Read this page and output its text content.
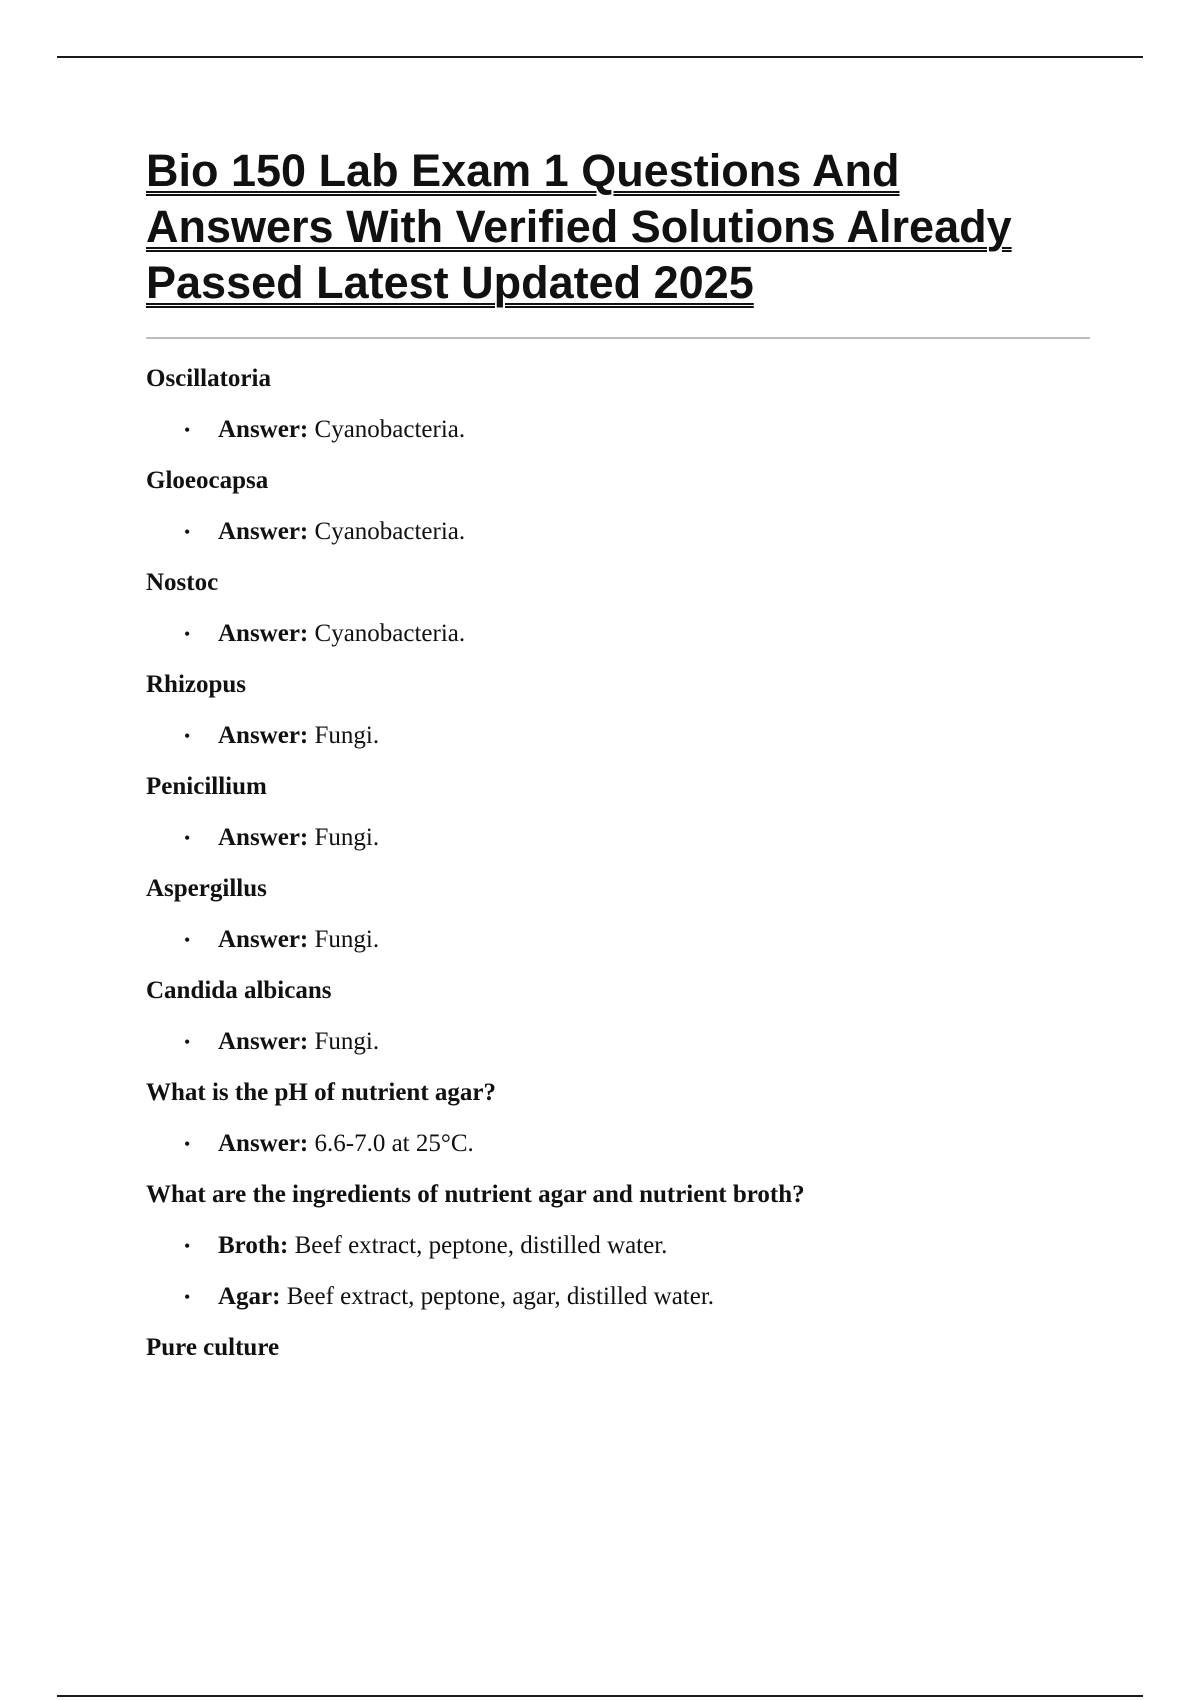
Bio 150 Lab Exam 1 Questions And Answers With Verified Solutions Already Passed Latest Updated 2025

Oscillatoria

• Answer: Cyanobacteria.

Gloeocapsa

• Answer: Cyanobacteria.

Nostoc

• Answer: Cyanobacteria.

Rhizopus

• Answer: Fungi.

Penicillium

• Answer: Fungi.

Aspergillus

• Answer: Fungi.

Candida albicans

• Answer: Fungi.

What is the pH of nutrient agar?

• Answer: 6.6-7.0 at 25°C.

What are the ingredients of nutrient agar and nutrient broth?

• Broth: Beef extract, peptone, distilled water.
• Agar: Beef extract, peptone, agar, distilled water.

Pure culture
